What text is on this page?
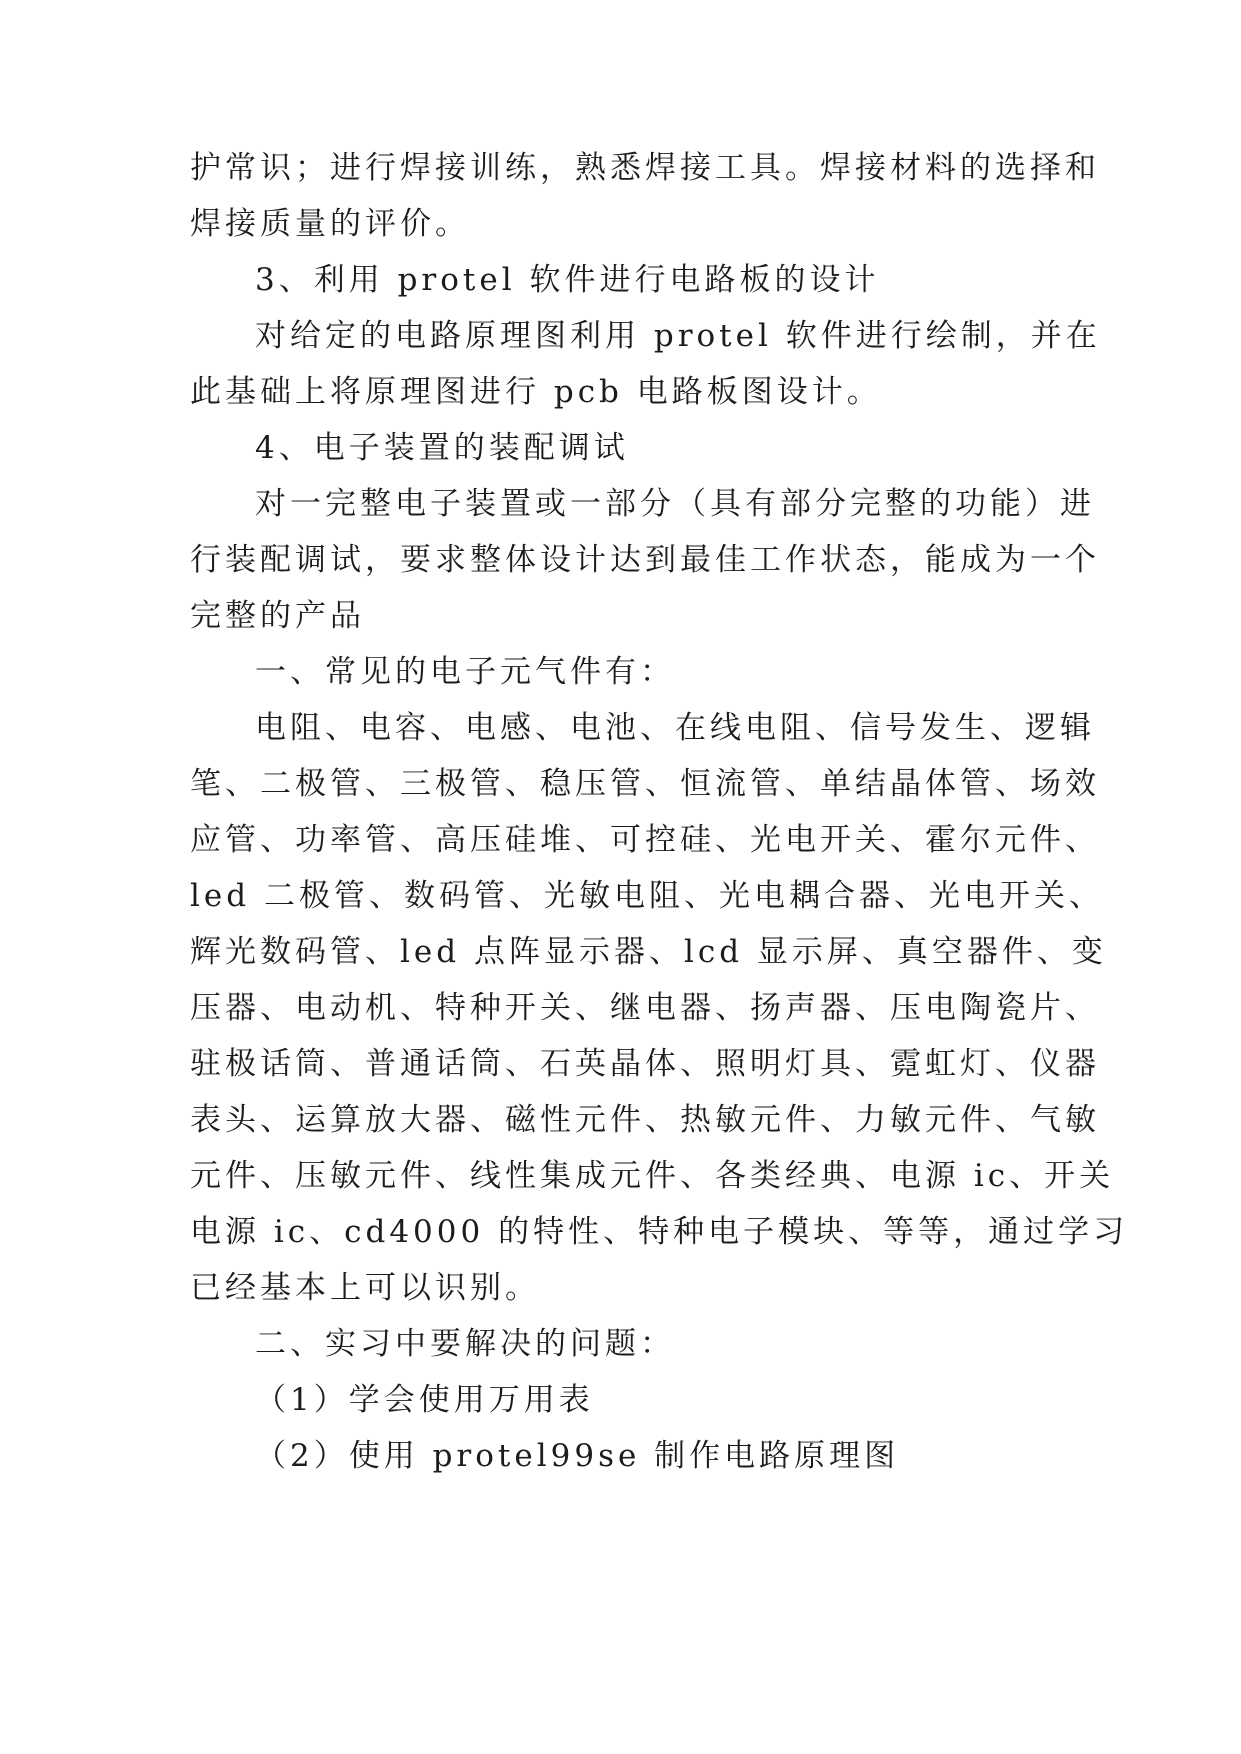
护常识；进行焊接训练，熟悉焊接工具。焊接材料的选择和
焊接质量的评价。
3、利用 protel 软件进行电路板的设计
对给定的电路原理图利用 protel 软件进行绘制，并在
此基础上将原理图进行 pcb 电路板图设计。
4、电子装置的装配调试
对一完整电子装置或一部分（具有部分完整的功能）进
行装配调试，要求整体设计达到最佳工作状态，能成为一个
完整的产品
一、常见的电子元气件有：
电阻、电容、电感、电池、在线电阻、信号发生、逻辑
笔、二极管、三极管、稳压管、恒流管、单结晶体管、场效
应管、功率管、高压硅堆、可控硅、光电开关、霍尔元件、
led 二极管、数码管、光敏电阻、光电耦合器、光电开关、
辉光数码管、led 点阵显示器、lcd 显示屏、真空器件、变
压器、电动机、特种开关、继电器、扬声器、压电陶瓷片、
驻极话筒、普通话筒、石英晶体、照明灯具、霓虹灯、仪器
表头、运算放大器、磁性元件、热敏元件、力敏元件、气敏
元件、压敏元件、线性集成元件、各类经典、电源 ic、开关
电源 ic、cd4000 的特性、特种电子模块、等等，通过学习
已经基本上可以识别。
二、实习中要解决的问题：
（1）学会使用万用表
（2）使用 protel99se 制作电路原理图
